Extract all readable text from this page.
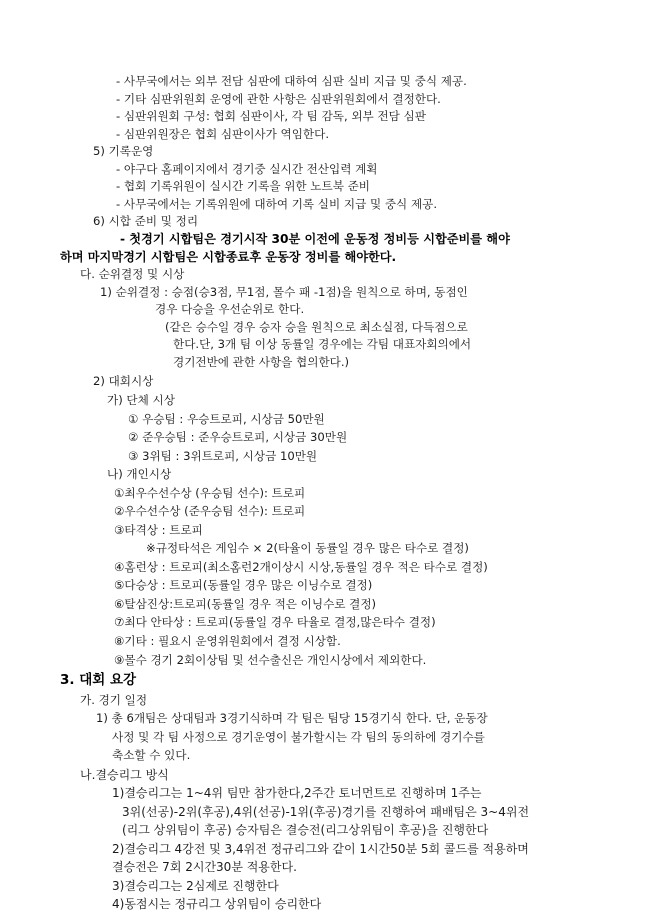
- 사무국에서는 외부 전담 심판에 대하여 심판 실비 지급 및 중식 제공.
- 기타 심판위원회 운영에 관한 사항은 심판위원회에서 결정한다.
- 심판위원회 구성: 협회 심판이사, 각 팀 감독, 외부 전담 심판
- 심판위원장은 협회 심판이사가 역임한다.
5) 기록운영
- 야구다 홈페이지에서 경기중 실시간 전산입력 계획
- 협회 기록위원이 실시간 기록을 위한 노트북 준비
- 사무국에서는 기록위원에 대하여 기록 실비 지급 및 중식 제공.
6) 시합 준비 및 정리
- 첫경기 시합팀은 경기시작 30분 이전에 운동정 정비등 시합준비를 해야
하며 마지막경기 시합팀은 시합종료후 운동장 정비를 해야한다.
다. 순위결정 및 시상
1) 순위결정 : 승점(승3점, 무1점, 몰수 패 -1점)을 원칙으로 하며, 동점인
경우 다승을 우선순위로 한다.
(같은 승수일 경우 승자 승을 원칙으로 최소실점, 다득점으로
한다.단, 3개 팀 이상 동률일 경우에는 각팀 대표자회의에서
경기전반에 관한 사항을 협의한다.)
2) 대회시상
가) 단체 시상
① 우승팀 : 우승트로피, 시상금 50만원
② 준우승팀 : 준우승트로피, 시상금 30만원
③ 3위팀 : 3위트로피, 시상금 10만원
나) 개인시상
①최우수선수상 (우승팀 선수): 트로피
②우수선수상 (준우승팀 선수): 트로피
③타격상 : 트로피
※규정타석은 게임수 × 2(타율이 동률일 경우 많은 타수로 결정)
④홈런상 : 트로피(최소홈런2개이상시 시상,동률일 경우 적은 타수로 결정)
⑤다승상 : 트로피(동률일 경우 많은 이닝수로 결정)
⑥탈삼진상:트로피(동률일 경우 적은 이닝수로 결정)
⑦최다 안타상 : 트로피(동률일 경우 타율로 결정,많은타수 결정)
⑧기타 : 필요시 운영위원회에서 결정 시상함.
⑨몰수 경기 2회이상팀 및 선수출신은 개인시상에서 제외한다.
3. 대회 요강
가. 경기 일정
1) 총 6개팀은 상대팀과 3경기식하며 각 팀은 팀당 15경기식 한다. 단, 운동장
사정 및 각 팀 사정으로 경기운영이 불가할시는 각 팀의 동의하에 경기수를
축소할 수 있다.
나.결승리그 방식
1)결승리그는 1~4위 팀만 참가한다,2주간 토너먼트로 진행하며 1주는
3위(선공)-2위(후공),4위(선공)-1위(후공)경기를 진행하여 패배팀은 3~4위전
(리그 상위팀이 후공) 승자팀은 결승전(리그상위팀이 후공)을 진행한다
2)결승리그 4강전 및 3,4위전 정규리그와 같이 1시간50분 5회 콜드를 적용하며
결승전은 7회 2시간30분 적용한다.
3)결승리그는 2심제로 진행한다
4)동점시는 정규리그 상위팀이 승리한다
